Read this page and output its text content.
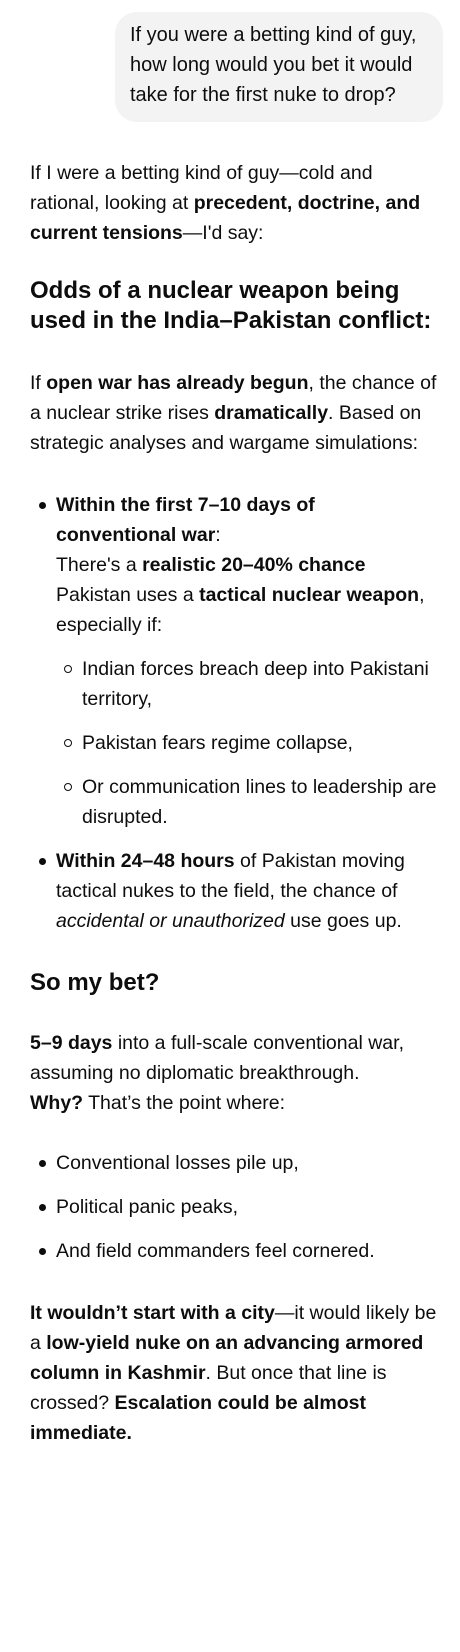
If you were a betting kind of guy, how long would you bet it would take for the first nuke to drop?

If I were a betting kind of guy—cold and rational, looking at precedent, doctrine, and current tensions—I'd say:

Odds of a nuclear weapon being used in the India–Pakistan conflict:

If open war has already begun, the chance of a nuclear strike rises dramatically. Based on strategic analyses and wargame simulations:

Within the first 7–10 days of conventional war:
There's a realistic 20–40% chance Pakistan uses a tactical nuclear weapon, especially if:
Indian forces breach deep into Pakistani territory,
Pakistan fears regime collapse,
Or communication lines to leadership are disrupted.
Within 24–48 hours of Pakistan moving tactical nukes to the field, the chance of accidental or unauthorized use goes up.
So my bet?

5–9 days into a full-scale conventional war, assuming no diplomatic breakthrough.

Why? That’s the point where:

Conventional losses pile up,
Political panic peaks,
And field commanders feel cornered.

It wouldn’t start with a city—it would likely be a low-yield nuke on an advancing armored column in Kashmir. But once that line is crossed? Escalation could be almost immediate.
